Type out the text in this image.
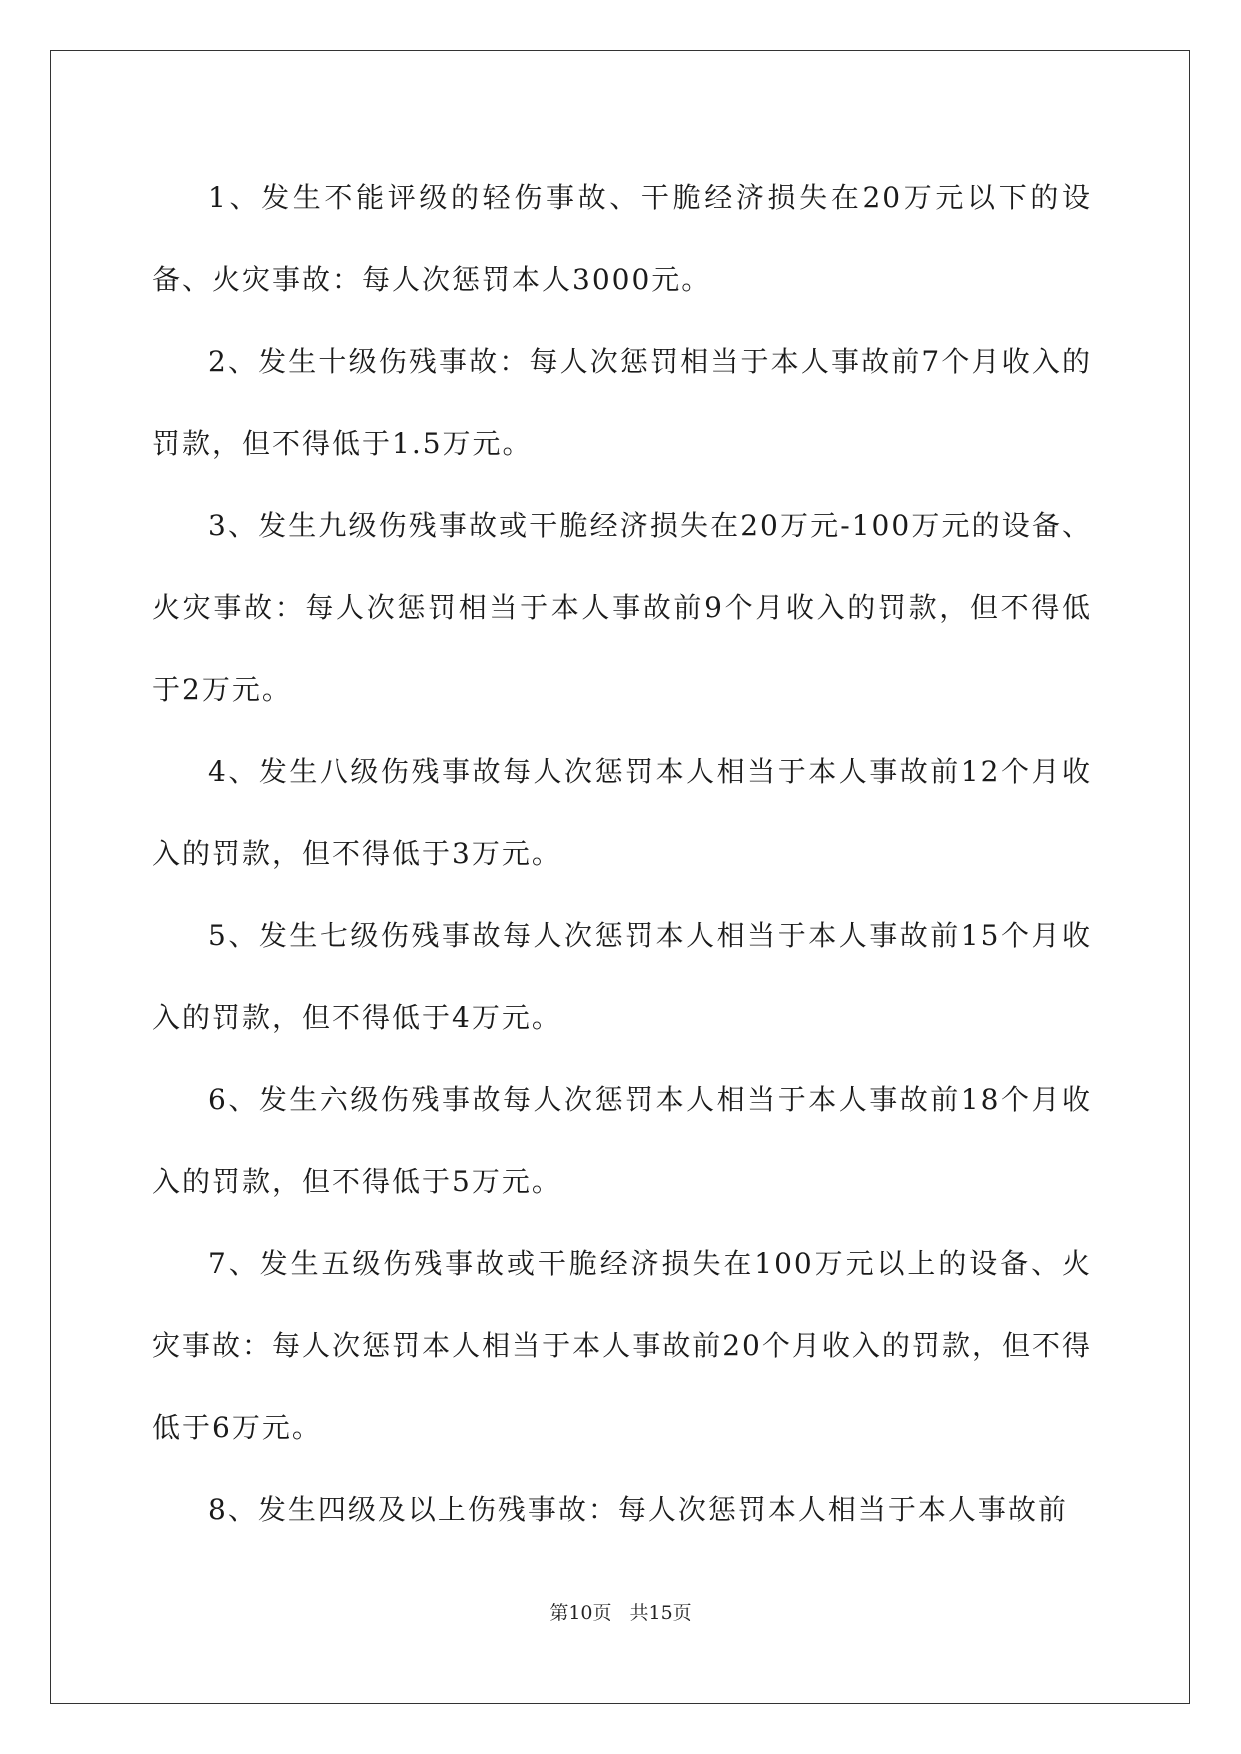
1、发生不能评级的轻伤事故、干脆经济损失在20万元以下的设备、火灾事故：每人次惩罚本人3000元。

2、发生十级伤残事故：每人次惩罚相当于本人事故前7个月收入的罚款，但不得低于1.5万元。

3、发生九级伤残事故或干脆经济损失在20万元-100万元的设备、火灾事故：每人次惩罚相当于本人事故前9个月收入的罚款，但不得低于2万元。

4、发生八级伤残事故每人次惩罚本人相当于本人事故前12个月收入的罚款，但不得低于3万元。

5、发生七级伤残事故每人次惩罚本人相当于本人事故前15个月收入的罚款，但不得低于4万元。

6、发生六级伤残事故每人次惩罚本人相当于本人事故前18个月收入的罚款，但不得低于5万元。

7、发生五级伤残事故或干脆经济损失在100万元以上的设备、火灾事故：每人次惩罚本人相当于本人事故前20个月收入的罚款，但不得低于6万元。

8、发生四级及以上伤残事故：每人次惩罚本人相当于本人事故前

第10页 共15页
